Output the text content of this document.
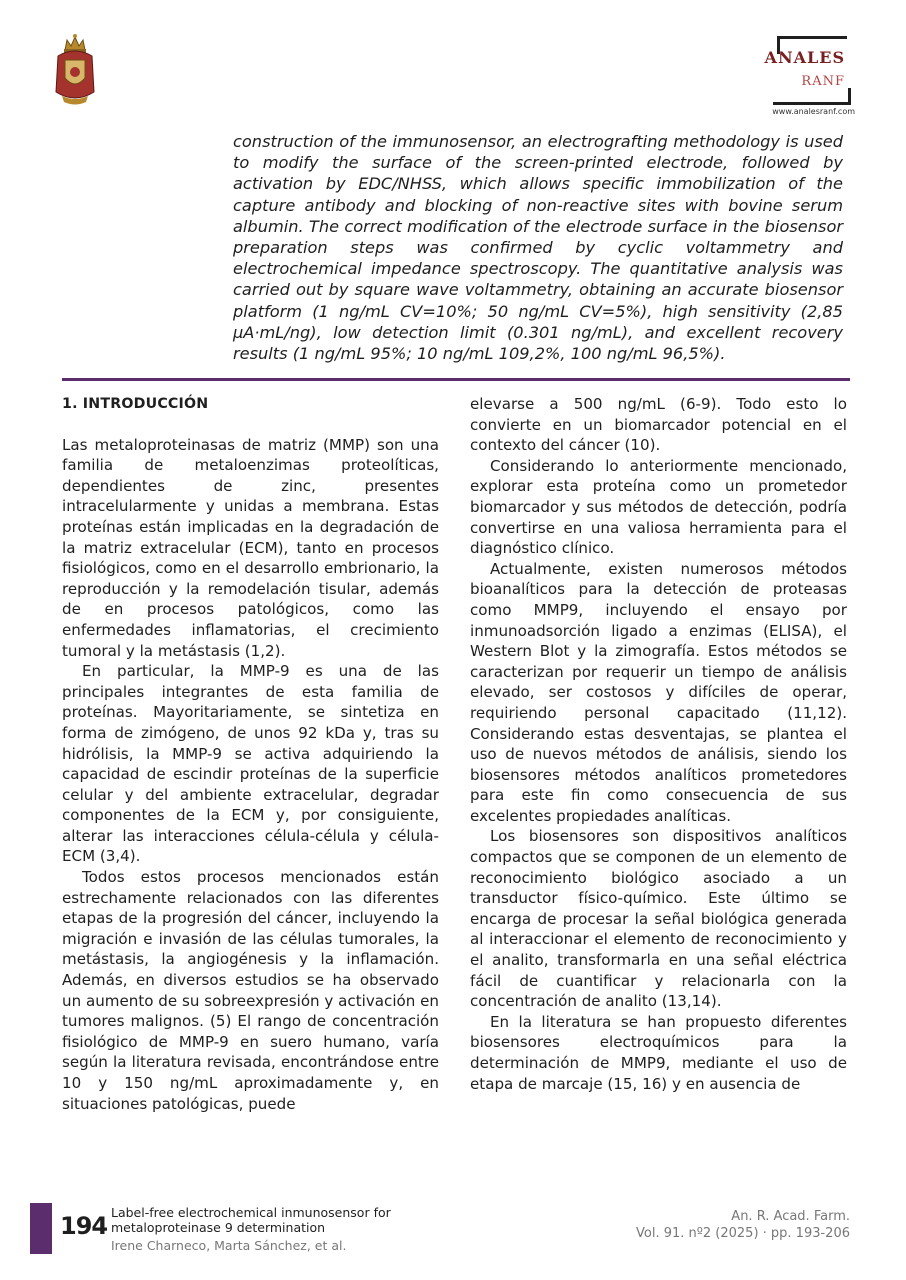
ANALES
RANF
www.analesranf.com
construction of the immunosensor, an electrografting methodology is used to modify the surface of the screen-printed electrode, followed by activation by EDC/NHSS, which allows specific immobilization of the capture antibody and blocking of non-reactive sites with bovine serum albumin. The correct modification of the electrode surface in the biosensor preparation steps was confirmed by cyclic voltammetry and electrochemical impedance spectroscopy. The quantitative analysis was carried out by square wave voltammetry, obtaining an accurate biosensor platform (1 ng/mL CV=10%; 50 ng/mL CV=5%), high sensitivity (2,85 μA·mL/ng), low detection limit (0.301 ng/mL), and excellent recovery results (1 ng/mL 95%; 10 ng/mL 109,2%, 100 ng/mL 96,5%).
1. INTRODUCCIÓN

Las metaloproteinasas de matriz (MMP) son una familia de metaloenzimas proteolíticas, dependientes de zinc, presentes intracelularmente y unidas a membrana. Estas proteínas están implicadas en la degradación de la matriz extracelular (ECM), tanto en procesos fisiológicos, como en el desarrollo embrionario, la reproducción y la remodelación tisular, además de en procesos patológicos, como las enfermedades inflamatorias, el crecimiento tumoral y la metástasis (1,2).

En particular, la MMP-9 es una de las principales integrantes de esta familia de proteínas. Mayoritariamente, se sintetiza en forma de zimógeno, de unos 92 kDa y, tras su hidrólisis, la MMP-9 se activa adquiriendo la capacidad de escindir proteínas de la superficie celular y del ambiente extracelular, degradar componentes de la ECM y, por consiguiente, alterar las interacciones célula-célula y célula-ECM (3,4).

Todos estos procesos mencionados están estrechamente relacionados con las diferentes etapas de la progresión del cáncer, incluyendo la migración e invasión de las células tumorales, la metástasis, la angiogénesis y la inflamación. Además, en diversos estudios se ha observado un aumento de su sobreexpresión y activación en tumores malignos. (5) El rango de concentración fisiológico de MMP-9 en suero humano, varía según la literatura revisada, encontrándose entre 10 y 150 ng/mL aproximadamente y, en situaciones patológicas, puede

elevarse a 500 ng/mL (6-9). Todo esto lo convierte en un biomarcador potencial en el contexto del cáncer (10).

Considerando lo anteriormente mencionado, explorar esta proteína como un prometedor biomarcador y sus métodos de detección, podría convertirse en una valiosa herramienta para el diagnóstico clínico.

Actualmente, existen numerosos métodos bioanalíticos para la detección de proteasas como MMP9, incluyendo el ensayo por inmunoadsorción ligado a enzimas (ELISA), el Western Blot y la zimografía. Estos métodos se caracterizan por requerir un tiempo de análisis elevado, ser costosos y difíciles de operar, requiriendo personal capacitado (11,12). Considerando estas desventajas, se plantea el uso de nuevos métodos de análisis, siendo los biosensores métodos analíticos prometedores para este fin como consecuencia de sus excelentes propiedades analíticas.

Los biosensores son dispositivos analíticos compactos que se componen de un elemento de reconocimiento biológico asociado a un transductor físico-químico. Este último se encarga de procesar la señal biológica generada al interaccionar el elemento de reconocimiento y el analito, transformarla en una señal eléctrica fácil de cuantificar y relacionarla con la concentración de analito (13,14).

En la literatura se han propuesto diferentes biosensores electroquímicos para la determinación de MMP9, mediante el uso de etapa de marcaje (15, 16) y en ausencia de

194 Label-free electrochemical inmunosensor for metaloproteinase 9 determination
Irene Charneco, Marta Sánchez, et al.
An. R. Acad. Farm.
Vol. 91. nº2 (2025) · pp. 193-206
